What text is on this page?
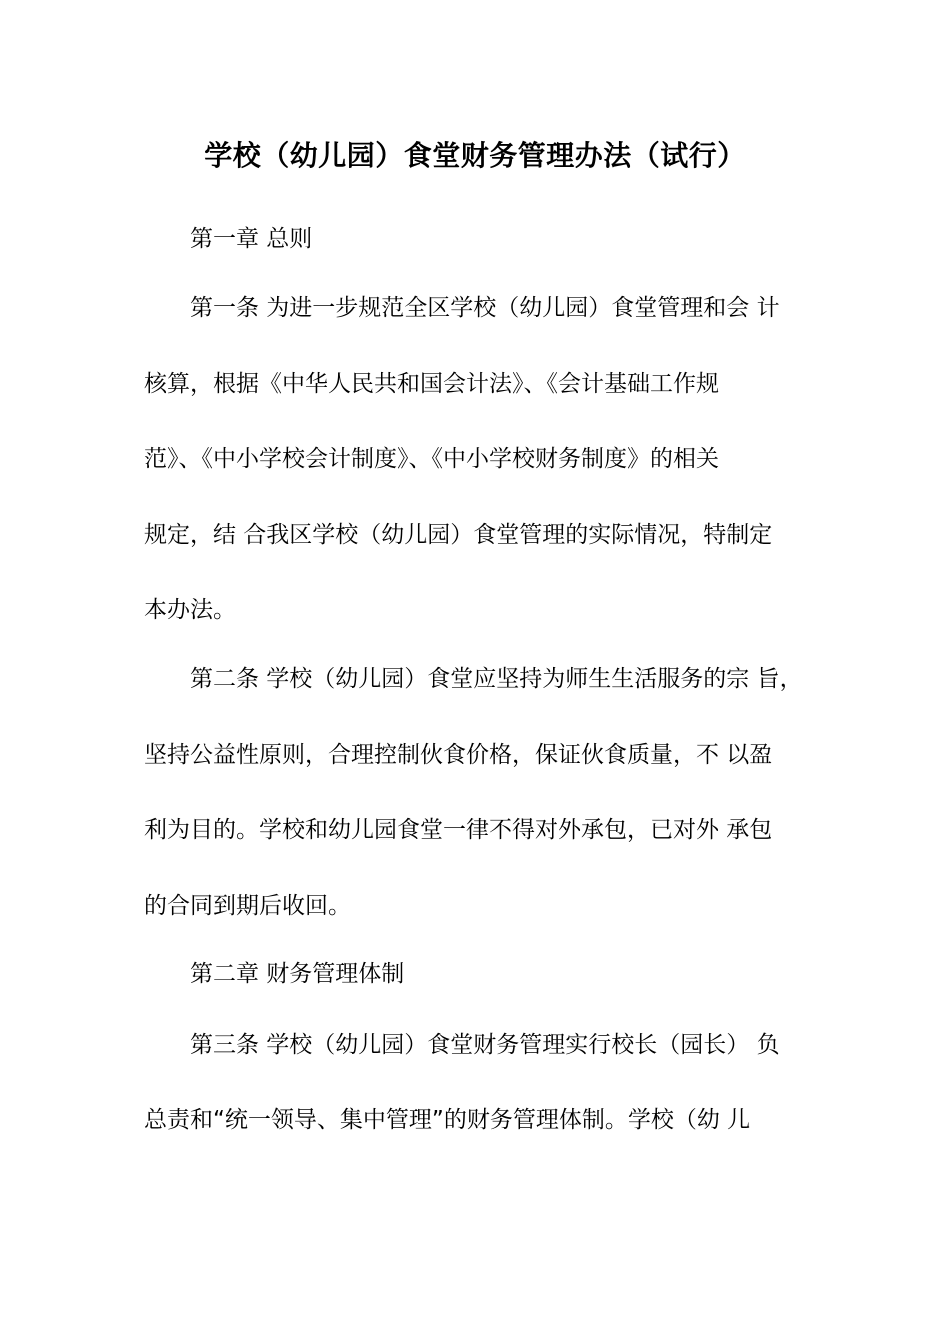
学校（幼儿园）食堂财务管理办法（试行）
第一章 总则
第一条 为进一步规范全区学校（幼儿园）食堂管理和会 计
核算，根据《中华人民共和国会计法》、《会计基础工作规
范》、《中小学校会计制度》、《中小学校财务制度》的相关
规定，结 合我区学校（幼儿园）食堂管理的实际情况，特制定
本办法。
第二条 学校（幼儿园）食堂应坚持为师生生活服务的宗 旨，
坚持公益性原则，合理控制伙食价格，保证伙食质量，不 以盈
利为目的。学校和幼儿园食堂一律不得对外承包，已对外 承包
的合同到期后收回。
第二章 财务管理体制
第三条 学校（幼儿园）食堂财务管理实行校长（园长） 负
总责和“统一领导、集中管理”的财务管理体制。学校（幼 儿
